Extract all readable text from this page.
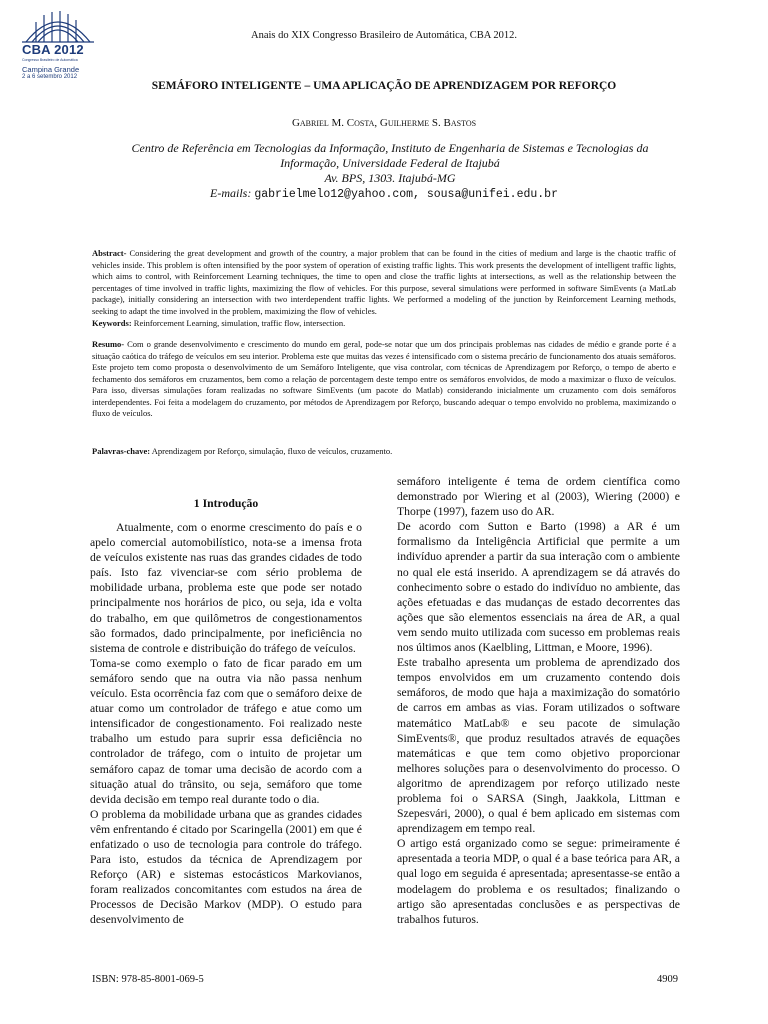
CBA 2012
Congresso Brasileiro de Automática
Campina Grande
2 a 6 setembro 2012
Anais do XIX Congresso Brasileiro de Automática, CBA 2012.
SEMÁFORO INTELIGENTE – UMA APLICAÇÃO DE APRENDIZAGEM POR REFORÇO
Gabriel M. Costa, Guilherme S. Bastos
Centro de Referência em Tecnologias da Informação, Instituto de Engenharia de Sistemas e Tecnologias da
Informação, Universidade Federal de Itajubá
Av. BPS, 1303. Itajubá-MG
E-mails: gabrielmelo12@yahoo.com, sousa@unifei.edu.br
Abstract- Considering the great development and growth of the country, a major problem that can be found in the cities of medium and large is the chaotic traffic of vehicles inside. This problem is often intensified by the poor system of operation of existing traffic lights. This work presents the development of intelligent traffic lights, which aims to control, with Reinforcement Learning techniques, the time to open and close the traffic lights at intersections, as well as the relationship between the percentages of time involved in traffic lights, maximizing the flow of vehicles. For this purpose, several simulations were performed in software SimEvents (a MatLab package), initially considering an intersection with two interdependent traffic lights. We performed a modeling of the junction by Reinforcement Learning methods, seeking to adapt the time involved in the problem, maximizing the flow of vehicles.
Keywords: Reinforcement Learning, simulation, traffic flow, intersection.
Resumo- Com o grande desenvolvimento e crescimento do mundo em geral, pode-se notar que um dos principais problemas nas cidades de médio e grande porte é a situação caótica do tráfego de veículos em seu interior. Problema este que muitas das vezes é intensificado com o sistema precário de funcionamento dos atuais semáforos. Este projeto tem como proposta o desenvolvimento de um Semáforo Inteligente, que visa controlar, com técnicas de Aprendizagem por Reforço, o tempo de aberto e fechamento dos semáforos em cruzamentos, bem como a relação de porcentagem deste tempo entre os semáforos envolvidos, de modo a maximizar o fluxo de veículos. Para isso, diversas simulações foram realizadas no software SimEvents (um pacote do Matlab) considerando inicialmente um cruzamento com dois semáforos interdependentes. Foi feita a modelagem do cruzamento, por métodos de Aprendizagem por Reforço, buscando adequar o tempo envolvido no problema, maximizando o fluxo de veículos.
Palavras-chave: Aprendizagem por Reforço, simulação, fluxo de veículos, cruzamento.
1 Introdução

Atualmente, com o enorme crescimento do país e o apelo comercial automobilístico, nota-se a imensa frota de veículos existente nas ruas das grandes cidades de todo país. Isto faz vivenciar-se com sério problema de mobilidade urbana, problema este que pode ser notado principalmente nos horários de pico, ou seja, ida e volta do trabalho, em que quilômetros de congestionamentos são formados, dado principalmente, por ineficiência no sistema de controle e distribuição do tráfego de veículos.

Toma-se como exemplo o fato de ficar parado em um semáforo sendo que na outra via não passa nenhum veículo. Esta ocorrência faz com que o semáforo deixe de atuar como um controlador de tráfego e atue como um intensificador de congestionamento. Foi realizado neste trabalho um estudo para suprir essa deficiência no controlador de tráfego, com o intuito de projetar um semáforo capaz de tomar uma decisão de acordo com a situação atual do trânsito, ou seja, semáforo que tome devida decisão em tempo real durante todo o dia.

O problema da mobilidade urbana que as grandes cidades vêm enfrentando é citado por Scaringella (2001) em que é enfatizado o uso de tecnologia para controle do tráfego. Para isto, estudos da técnica de Aprendizagem por Reforço (AR) e sistemas estocásticos Markovianos, foram realizados concomitantes com estudos na área de Processos de Decisão Markov (MDP). O estudo para desenvolvimento de

semáforo inteligente é tema de ordem científica como demonstrado por Wiering et al (2003), Wiering (2000) e Thorpe (1997), fazem uso do AR.

De acordo com Sutton e Barto (1998) a AR é um formalismo da Inteligência Artificial que permite a um indivíduo aprender a partir da sua interação com o ambiente no qual ele está inserido. A aprendizagem se dá através do conhecimento sobre o estado do indivíduo no ambiente, das ações efetuadas e das mudanças de estado decorrentes das ações que são elementos essenciais na área de AR, a qual vem sendo muito utilizada com sucesso em problemas reais nos últimos anos (Kaelbling, Littman, e Moore, 1996).

Este trabalho apresenta um problema de aprendizado dos tempos envolvidos em um cruzamento contendo dois semáforos, de modo que haja a maximização do somatório de carros em ambas as vias. Foram utilizados o software matemático MatLab® e seu pacote de simulação SimEvents®, que produz resultados através de equações matemáticas e que tem como objetivo proporcionar melhores soluções para o desenvolvimento do processo. O algoritmo de aprendizagem por reforço utilizado neste problema foi o SARSA (Singh, Jaakkola, Littman e Szepesvári, 2000), o qual é bem aplicado em sistemas com aprendizagem em tempo real.

O artigo está organizado como se segue: primeiramente é apresentada a teoria MDP, o qual é a base teórica para AR, a qual logo em seguida é apresentada; apresentasse-se então a modelagem do problema e os resultados; finalizando o artigo são apresentadas conclusões e as perspectivas de trabalhos futuros.

ISBN: 978-85-8001-069-5	4909
